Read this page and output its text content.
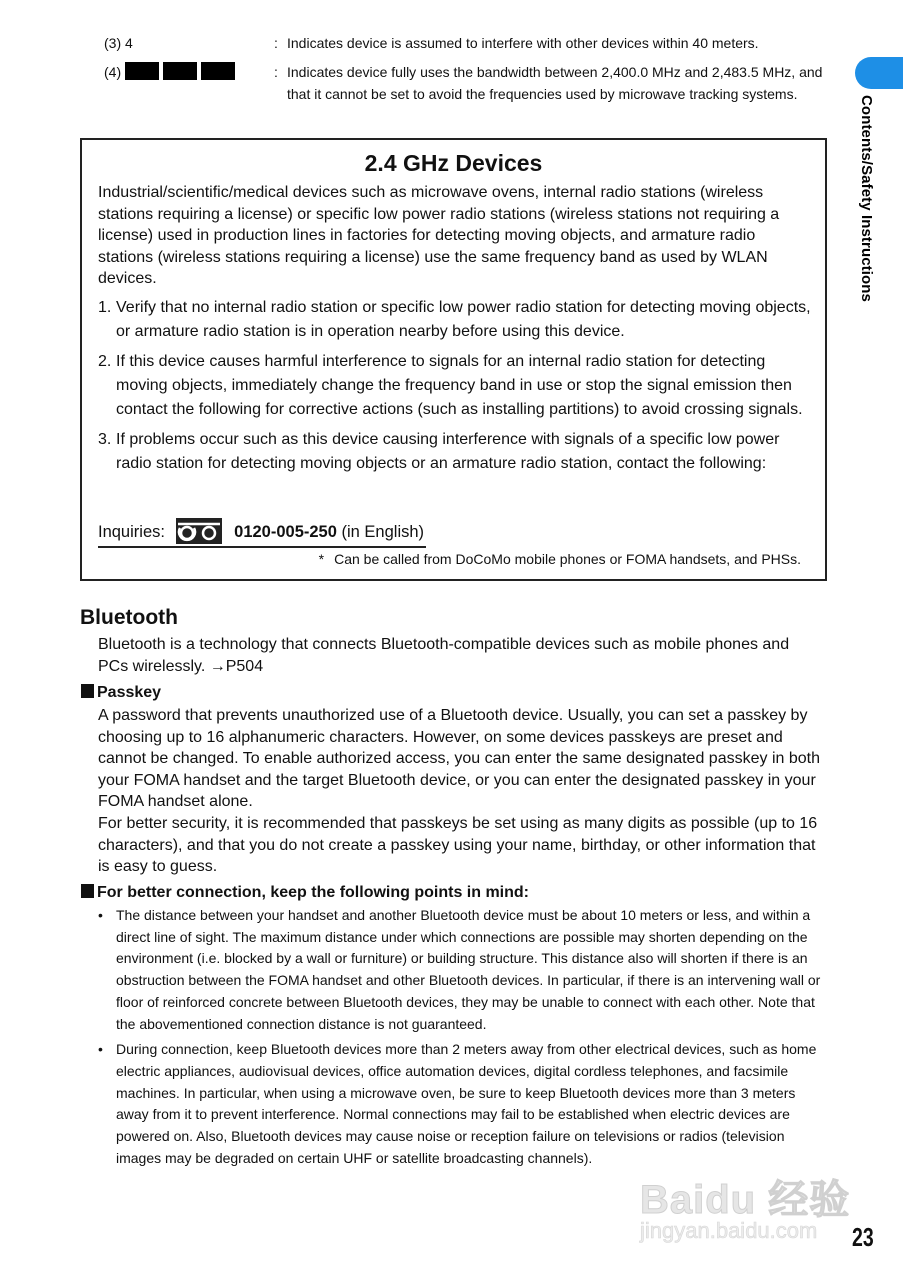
(3) 4	: Indicates device is assumed to interfere with other devices within 40 meters.
(4)	: Indicates device fully uses the bandwidth between 2,400.0 MHz and 2,483.5 MHz, and that it cannot be set to avoid the frequencies used by microwave tracking systems.
Contents/Safety Instructions
2.4 GHz Devices
Industrial/scientific/medical devices such as microwave ovens, internal radio stations (wireless stations requiring a license) or specific low power radio stations (wireless stations not requiring a license) used in production lines in factories for detecting moving objects, and armature radio stations (wireless stations requiring a license) use the same frequency band as used by WLAN devices.
1. Verify that no internal radio station or specific low power radio station for detecting moving objects, or armature radio station is in operation nearby before using this device.
2. If this device causes harmful interference to signals for an internal radio station for detecting moving objects, immediately change the frequency band in use or stop the signal emission then contact the following for corrective actions (such as installing partitions) to avoid crossing signals.
3. If problems occur such as this device causing interference with signals of a specific low power radio station for detecting moving objects or an armature radio station, contact the following:
Inquiries:	0120-005-250 (in English)
* Can be called from DoCoMo mobile phones or FOMA handsets, and PHSs.
Bluetooth
Bluetooth is a technology that connects Bluetooth-compatible devices such as mobile phones and PCs wirelessly. →P504
Passkey
A password that prevents unauthorized use of a Bluetooth device. Usually, you can set a passkey by choosing up to 16 alphanumeric characters. However, on some devices passkeys are preset and cannot be changed. To enable authorized access, you can enter the same designated passkey in both your FOMA handset and the target Bluetooth device, or you can enter the designated passkey in your FOMA handset alone.
For better security, it is recommended that passkeys be set using as many digits as possible (up to 16 characters), and that you do not create a passkey using your name, birthday, or other information that is easy to guess.
For better connection, keep the following points in mind:
• The distance between your handset and another Bluetooth device must be about 10 meters or less, and within a direct line of sight. The maximum distance under which connections are possible may shorten depending on the environment (i.e. blocked by a wall or furniture) or building structure. This distance also will shorten if there is an obstruction between the FOMA handset and other Bluetooth devices. In particular, if there is an intervening wall or floor of reinforced concrete between Bluetooth devices, they may be unable to connect with each other. Note that the abovementioned connection distance is not guaranteed.
• During connection, keep Bluetooth devices more than 2 meters away from other electrical devices, such as home electric appliances, audiovisual devices, office automation devices, digital cordless telephones, and facsimile machines. In particular, when using a microwave oven, be sure to keep Bluetooth devices more than 3 meters away from it to prevent interference. Normal connections may fail to be established when electric devices are powered on. Also, Bluetooth devices may cause noise or reception failure on televisions or radios (television images may be degraded on certain UHF or satellite broadcasting channels).
Baidu 经验
jingyan.baidu.com 23
